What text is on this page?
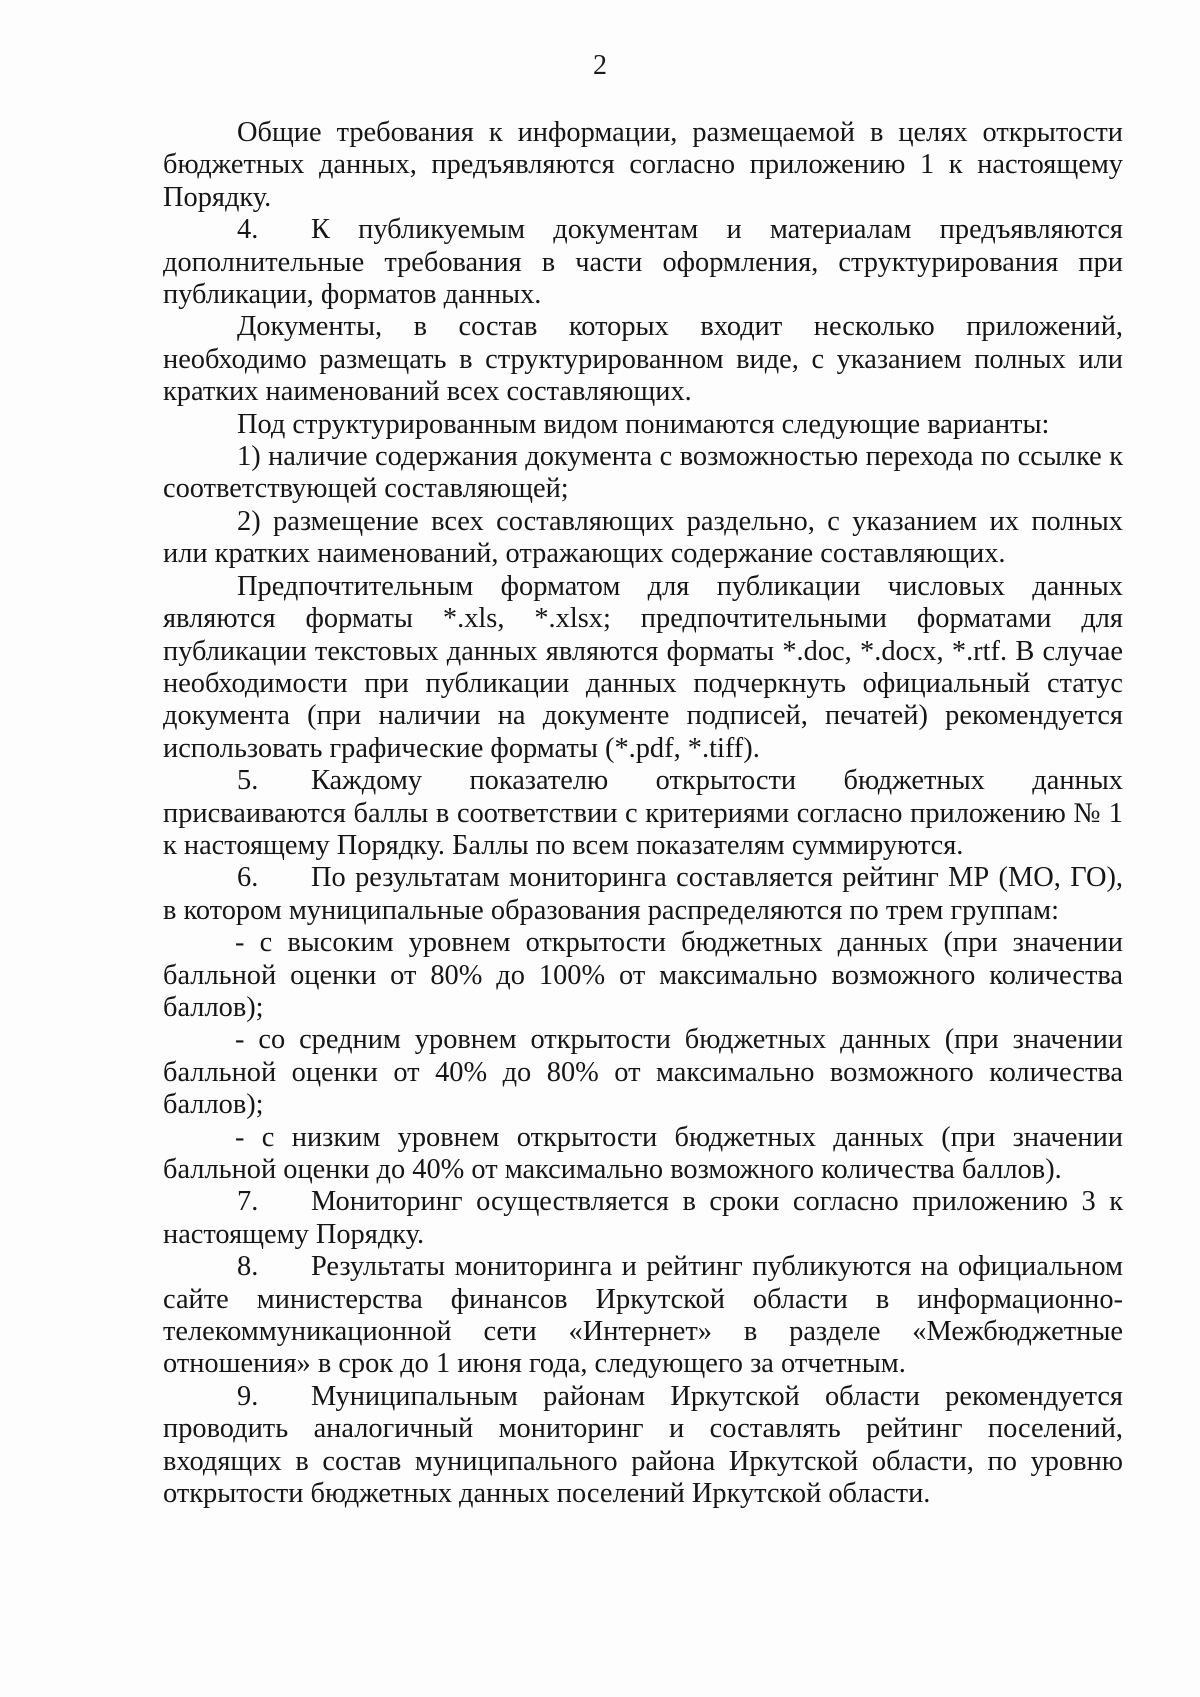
2

Общие требования к информации, размещаемой в целях открытости бюджетных данных, предъявляются согласно приложению 1 к настоящему Порядку.

4. К публикуемым документам и материалам предъявляются дополнительные требования в части оформления, структурирования при публикации, форматов данных.

Документы, в состав которых входит несколько приложений, необходимо размещать в структурированном виде, с указанием полных или кратких наименований всех составляющих.

Под структурированным видом понимаются следующие варианты:

1) наличие содержания документа с возможностью перехода по ссылке к соответствующей составляющей;

2) размещение всех составляющих раздельно, с указанием их полных или кратких наименований, отражающих содержание составляющих.

Предпочтительным форматом для публикации числовых данных являются форматы *.xls, *.xlsx; предпочтительными форматами для публикации текстовых данных являются форматы *.doc, *.docx, *.rtf. В случае необходимости при публикации данных подчеркнуть официальный статус документа (при наличии на документе подписей, печатей) рекомендуется использовать графические форматы (*.pdf, *.tiff).

5. Каждому показателю открытости бюджетных данных присваиваются баллы в соответствии с критериями согласно приложению № 1 к настоящему Порядку. Баллы по всем показателям суммируются.

6. По результатам мониторинга составляется рейтинг МР (МО, ГО), в котором муниципальные образования распределяются по трем группам:

- с высоким уровнем открытости бюджетных данных (при значении балльной оценки от 80% до 100% от максимально возможного количества баллов);

- со средним уровнем открытости бюджетных данных (при значении балльной оценки от 40% до 80% от максимально возможного количества баллов);

- с низким уровнем открытости бюджетных данных (при значении балльной оценки до 40% от максимально возможного количества баллов).

7. Мониторинг осуществляется в сроки согласно приложению 3 к настоящему Порядку.

8. Результаты мониторинга и рейтинг публикуются на официальном сайте министерства финансов Иркутской области в информационно-телекоммуникационной сети «Интернет» в разделе «Межбюджетные отношения» в срок до 1 июня года, следующего за отчетным.

9. Муниципальным районам Иркутской области рекомендуется проводить аналогичный мониторинг и составлять рейтинг поселений, входящих в состав муниципального района Иркутской области, по уровню открытости бюджетных данных поселений Иркутской области.
